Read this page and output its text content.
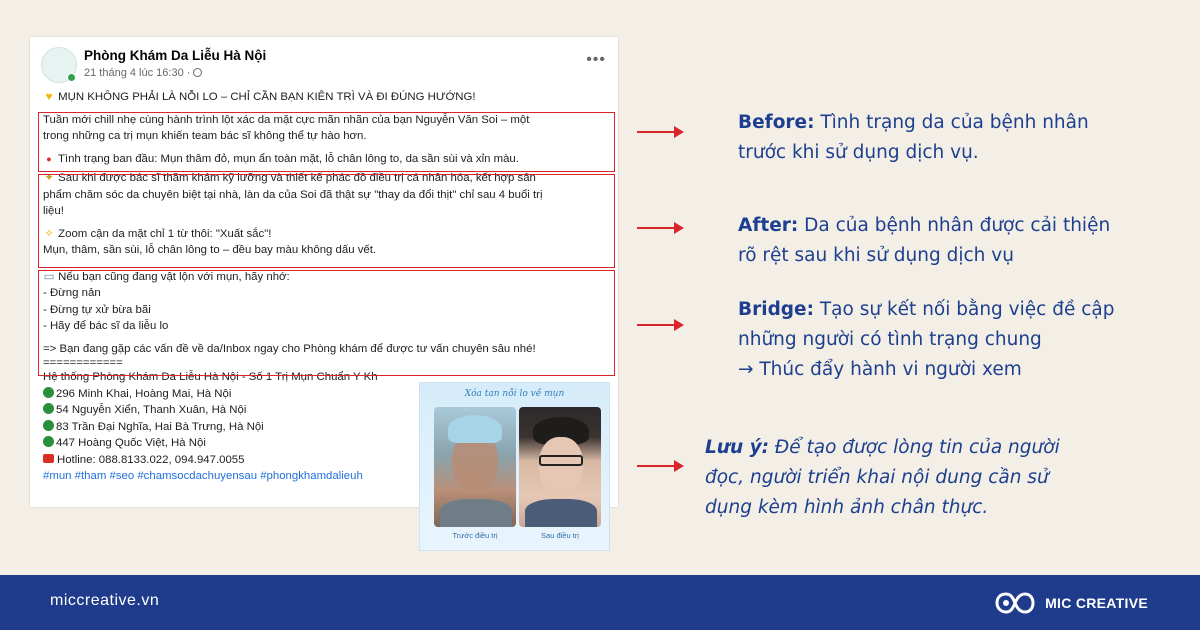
Phòng Khám Da Liễu Hà Nội
21 tháng 4 lúc 16:30 ·
•••
♥ MỤN KHÔNG PHẢI LÀ NỖI LO – CHỈ CẦN BẠN KIÊN TRÌ VÀ ĐI ĐÚNG HƯỚNG!
Tuần mới chill nhẹ cùng hành trình lột xác da mặt cực mãn nhãn của bạn Nguyễn Văn Soi – một
trong những ca trị mụn khiến team bác sĩ không thể tự hào hơn.
● Tình trạng ban đầu: Mụn thâm đỏ, mụn ẩn toàn mặt, lỗ chân lông to, da sần sùi và xỉn màu.
✦ Sau khi được bác sĩ thăm khám kỹ lưỡng và thiết kế phác đồ điều trị cá nhân hóa, kết hợp sản
phẩm chăm sóc da chuyên biệt tại nhà, làn da của Soi đã thật sự "thay da đổi thịt" chỉ sau 4 buổi trị
liệu!
✧ Zoom cận da mặt chỉ 1 từ thôi: "Xuất sắc"!
Mụn, thâm, sần sùi, lỗ chân lông to – đều bay màu không dấu vết.
▭ Nếu bạn cũng đang vật lộn với mụn, hãy nhớ:
- Đừng nản
- Đừng tự xử bừa bãi
- Hãy để bác sĩ da liễu lo
=> Bạn đang gặp các vấn đề về da/Inbox ngay cho Phòng khám để được tư vấn chuyên sâu nhé!
============
Hệ thống Phòng Khám Da Liễu Hà Nội - Số 1 Trị Mụn Chuẩn Y Kh
296 Minh Khai, Hoàng Mai, Hà Nội
54 Nguyễn Xiển, Thanh Xuân, Hà Nội
83 Trần Đại Nghĩa, Hai Bà Trưng, Hà Nội
447 Hoàng Quốc Việt, Hà Nội
Hotline: 088.8133.022, 094.947.0055
#mun #tham #seo #chamsocdachuyensau #phongkhamdalieuh
Xóa tan nỗi lo về mụn
Trước điều trị	Sau điều trị
Before: Tình trạng da của bệnh nhân
trước khi sử dụng dịch vụ.
After: Da của bệnh nhân được cải thiện
rõ rệt sau khi sử dụng dịch vụ
Bridge: Tạo sự kết nối bằng việc đề cập
những người có tình trạng chung
→ Thúc đẩy hành vi người xem
Lưu ý: Để tạo được lòng tin của người
đọc, người triển khai nội dung cần sử
dụng kèm hình ảnh chân thực.
miccreative.vn	MIC CREATIVE
